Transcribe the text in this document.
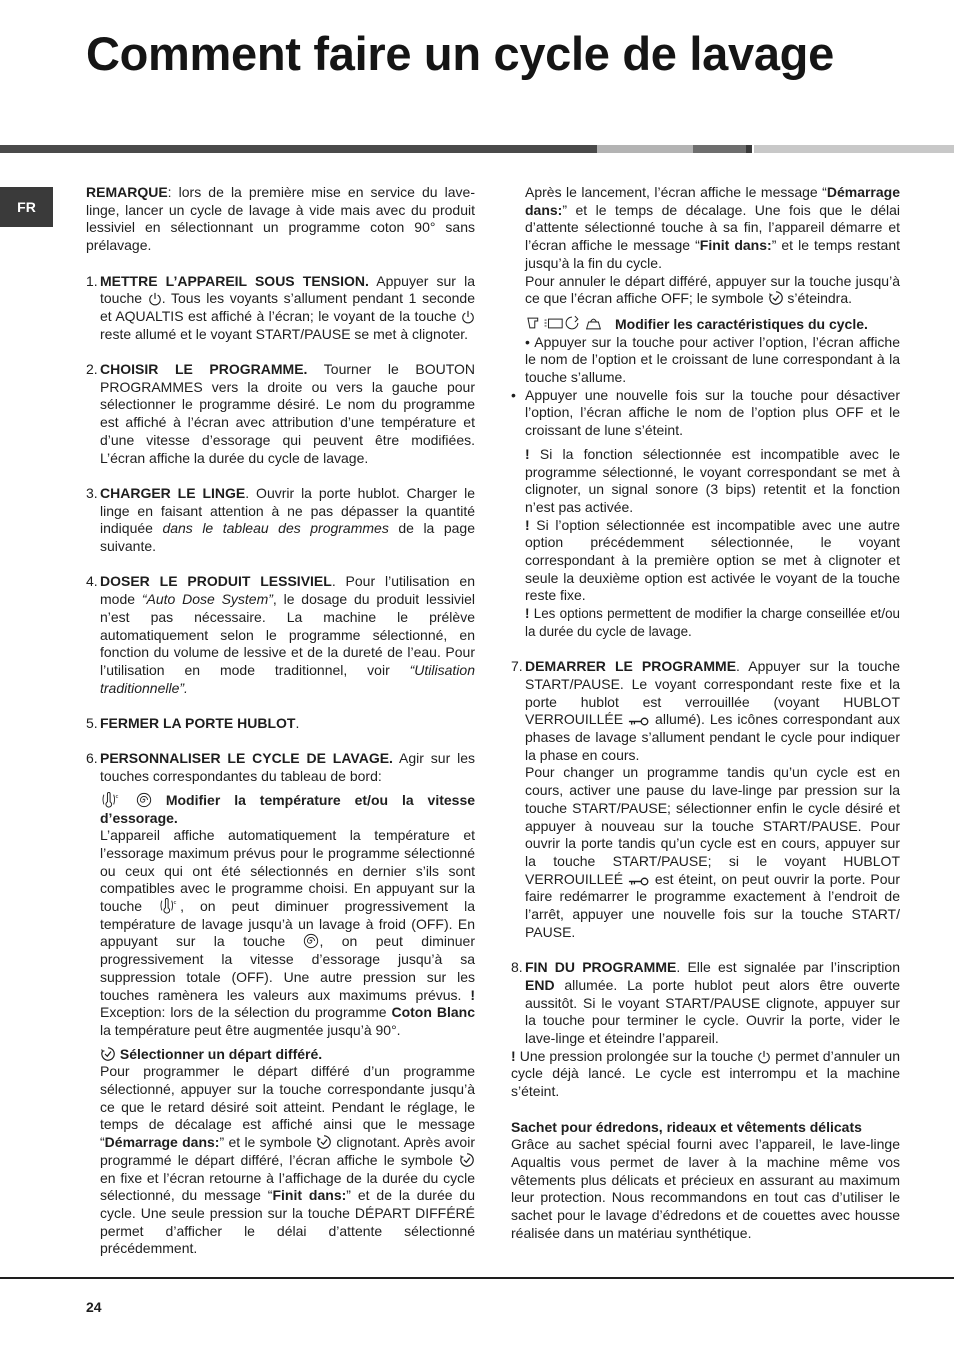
Comment faire un cycle de lavage
FR

REMARQUE: lors de la première mise en service du lave-linge, lancer un cycle de lavage à vide mais avec du produit lessiviel en sélectionnant un programme coton 90° sans prélavage.

1. METTRE L’APPAREIL SOUS TENSION. Appuyer sur la touche
. Tous les voyants s’allument pendant 1 seconde et AQUALTIS est affiché à l’écran; le voyant de la touche
reste allumé et le voyant START/PAUSE se met à clignoter.
2. CHOISIR LE PROGRAMME. Tourner le BOUTON PROGRAMMES vers la droite ou vers la gauche pour sélectionner le programme désiré. Le nom du programme est affiché à l’écran avec attribution d’une température et d’une vitesse d’essorage qui peuvent être modifiées. L’écran affiche la durée du cycle de lavage.
3. CHARGER LE LINGE. Ouvrir la porte hublot. Charger le linge en faisant attention à ne pas dépasser la quantité indiquée dans le tableau des programmes de la page suivante.
4. DOSER LE PRODUIT LESSIVIEL. Pour l’utilisation en mode “Auto Dose System”, le dosage du produit lessiviel n’est pas nécessaire. La machine le prélève automatiquement selon le programme sélectionné, en fonction du volume de lessive et de la dureté de l’eau. Pour l’utilisation en mode traditionnel, voir “Utilisation traditionnelle”.
5. FERMER LA PORTE HUBLOT.
6. PERSONNALISER LE CYCLE DE LAVAGE. Agir sur les touches correspondantes du tableau de bord:

Modifier la température et/ou la vitesse d’essorage.

L’appareil affiche automatiquement la température et l’essorage maximum prévus pour le programme sélectionné ou ceux qui ont été sélectionnés en dernier s’ils sont compatibles avec le programme choisi. En appuyant sur la touche
, on peut diminuer progressivement la température de lavage jusqu’à un lavage à froid (OFF). En appuyant sur la touche
, on peut diminuer progressivement la vitesse d’essorage jusqu’à sa suppression totale (OFF). Une autre pression sur les touches ramènera les valeurs aux maximums prévus. ! Exception: lors de la sélection du programme Coton Blanc la température peut être augmentée jusqu’à 90°.

Sélectionner un départ différé.

Pour programmer le départ différé d’un programme sélectionné, appuyer sur la touche correspondante jusqu’à ce que le retard désiré soit atteint. Pendant le réglage, le temps de décalage est affiché ainsi que le message “Démarrage dans:” et le symbole
clignotant. Après avoir programmé le départ différé, l’écran affiche le symbole
en fixe et l’écran retourne à l’affichage de la durée du cycle sélectionné, du message “Finit dans:” et de la durée du cycle. Une seule pression sur la touche DÉPART DIFFÉRÉ permet d’afficher le délai d’attente sélectionné précédemment.

Après le lancement, l’écran affiche le message “Démarrage dans:” et le temps de décalage. Une fois que le délai d’attente sélectionné touche à sa fin, l’appareil démarre et l’écran affiche le message “Finit dans:” et le temps restant jusqu’à la fin du cycle.

Pour annuler le départ différé, appuyer sur la touche jusqu’à ce que l’écran affiche OFF; le symbole
s’éteindra.

Modifier les caractéristiques du cycle.

• Appuyer sur la touche pour activer l’option, l’écran affiche le nom de l’option et le croissant de lune correspondant à la touche s’allume.

• Appuyer une nouvelle fois sur la touche pour désactiver l’option, l’écran affiche le nom de l’option plus OFF et le croissant de lune s’éteint.

! Si la fonction sélectionnée est incompatible avec le programme sélectionné, le voyant correspondant se met à clignoter, un signal sonore (3 bips) retentit et la fonction n’est pas activée.

! Si l’option sélectionnée est incompatible avec une autre option précédemment sélectionnée, le voyant correspondant à la première option se met à clignoter et seule la deuxième option est activée le voyant de la touche reste fixe.

! Les options permettent de modifier la charge conseillée et/ou la durée du cycle de lavage.

7. DEMARRER LE PROGRAMME. Appuyer sur la touche START/PAUSE. Le voyant correspondant reste fixe et la porte hublot est verrouillée (voyant HUBLOT VERROUILLÉE
allumé). Les icônes correspondant aux phases de lavage s’allument pendant le cycle pour indiquer la phase en cours.
Pour changer un programme tandis qu’un cycle est en cours, activer une pause du lave-linge par pression sur la touche START/PAUSE; sélectionner enfin le cycle désiré et appuyer à nouveau sur la touche START/PAUSE. Pour ouvrir la porte tandis qu’un cycle est en cours, appuyer sur la touche START/PAUSE; si le voyant HUBLOT VERROUILLEÉ
est éteint, on peut ouvrir la porte. Pour faire redémarrer le programme exactement à l’endroit de l’arrêt, appuyer une nouvelle fois sur la touche START/ PAUSE.
8. FIN DU PROGRAMME. Elle est signalée par l’inscription END allumée. La porte hublot peut alors être ouverte aussitôt. Si le voyant START/PAUSE clignote, appuyer sur la touche pour terminer le cycle. Ouvrir la porte, vider le lave-linge et éteindre l’appareil.

! Une pression prolongée sur la touche
permet d’annuler un cycle déjà lancé. Le cycle est interrompu et la machine s’éteint.

Sachet pour édredons, rideaux et vêtements délicats

Grâce au sachet spécial fourni avec l’appareil, le lave-linge Aqualtis vous permet de laver à la machine même vos vêtements plus délicats et précieux en assurant au maximum leur protection. Nous recommandons en tout cas d’utiliser le sachet pour le lavage d’édredons et de couettes avec housse réalisée dans un matériau synthétique.

24
